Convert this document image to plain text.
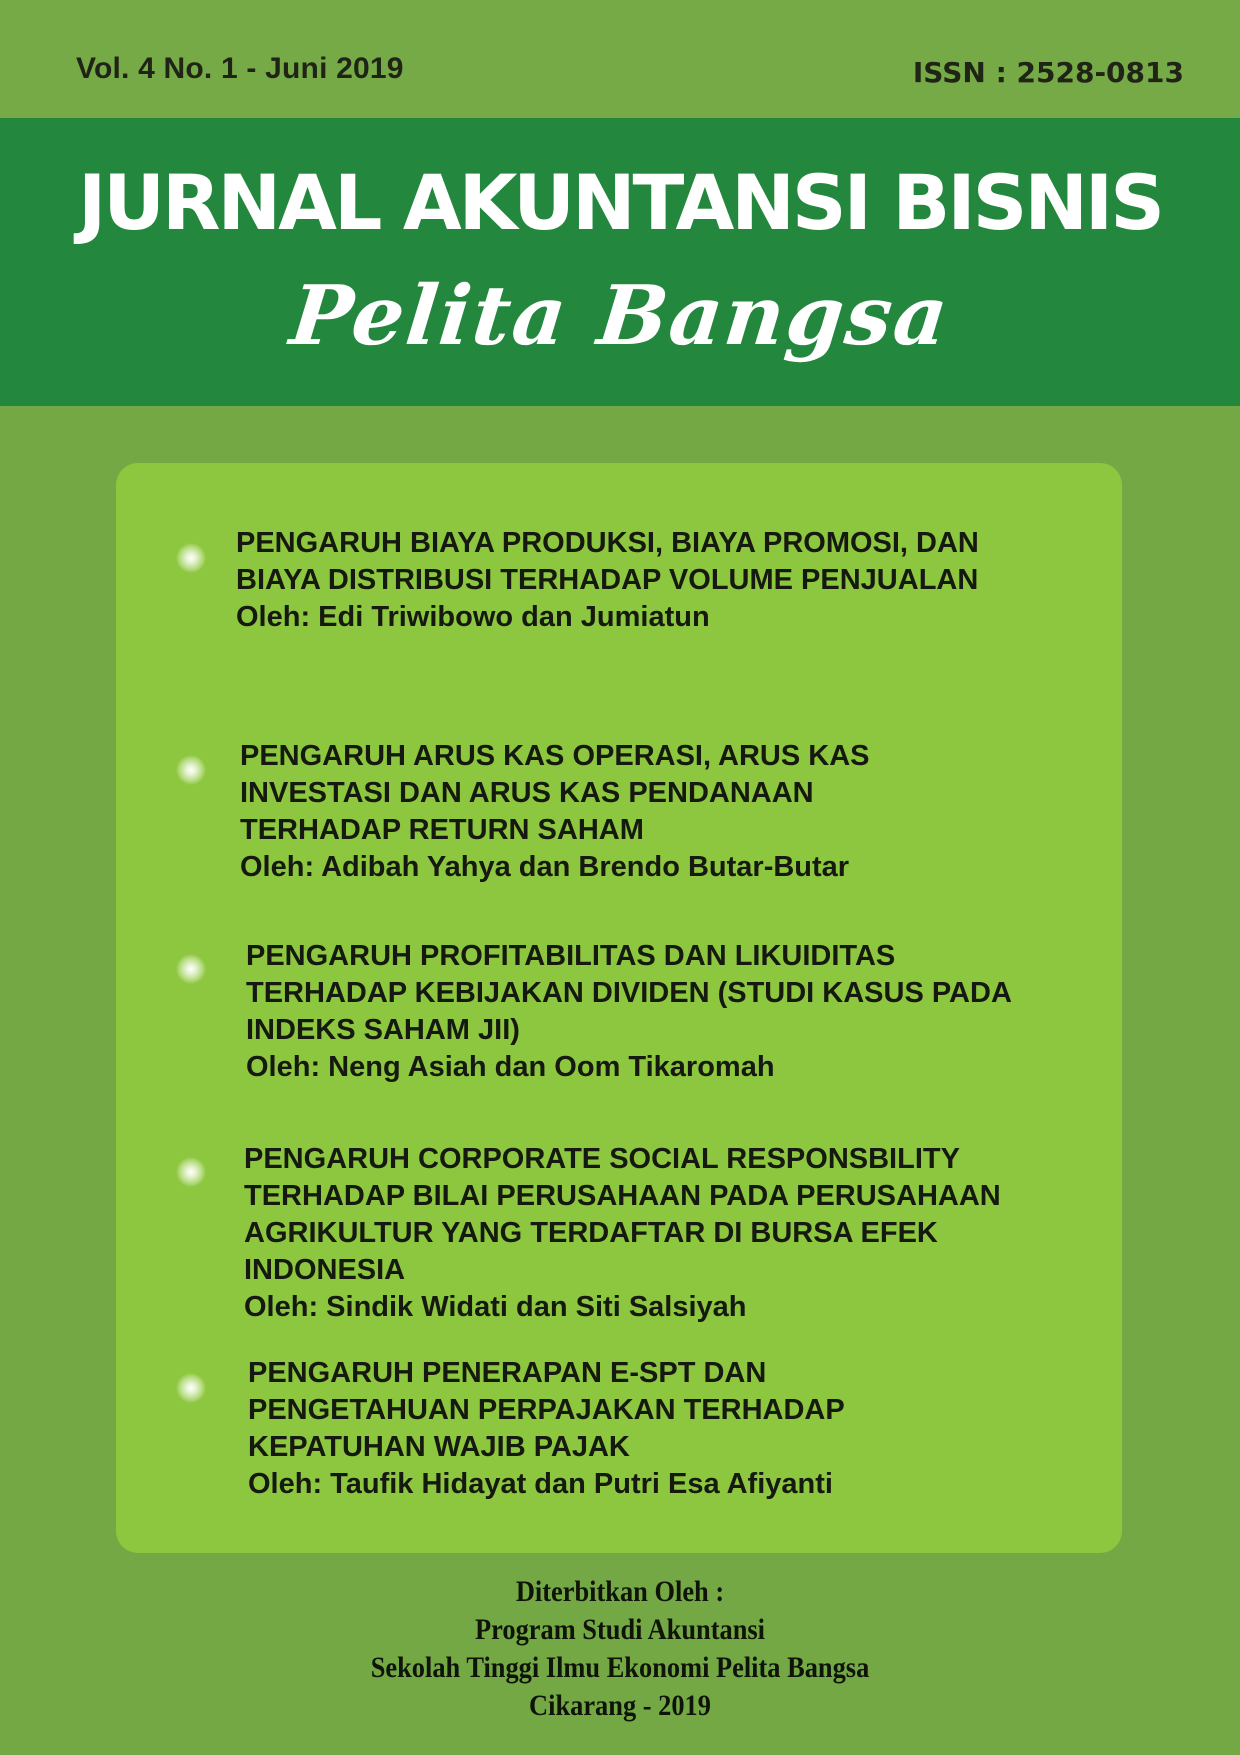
Vol. 4 No. 1 - Juni 2019	ISSN : 2528-0813
JURNAL AKUNTANSI BISNIS
Pelita Bangsa
PENGARUH BIAYA PRODUKSI, BIAYA PROMOSI, DAN BIAYA DISTRIBUSI TERHADAP VOLUME PENJUALAN
Oleh: Edi Triwibowo dan Jumiatun
PENGARUH ARUS KAS OPERASI, ARUS KAS INVESTASI DAN ARUS KAS PENDANAAN TERHADAP RETURN SAHAM
Oleh: Adibah Yahya dan Brendo Butar-Butar
PENGARUH PROFITABILITAS DAN LIKUIDITAS TERHADAP KEBIJAKAN DIVIDEN (STUDI KASUS PADA INDEKS SAHAM JII)
Oleh: Neng Asiah dan Oom Tikaromah
PENGARUH CORPORATE SOCIAL RESPONSBILITY TERHADAP BILAI PERUSAHAAN PADA PERUSAHAAN AGRIKULTUR YANG TERDAFTAR DI BURSA EFEK INDONESIA
Oleh: Sindik Widati dan Siti Salsiyah
PENGARUH PENERAPAN E-SPT DAN PENGETAHUAN PERPAJAKAN TERHADAP KEPATUHAN WAJIB PAJAK
Oleh: Taufik Hidayat dan Putri Esa Afiyanti
Diterbitkan Oleh :
Program Studi Akuntansi
Sekolah Tinggi Ilmu Ekonomi Pelita Bangsa
Cikarang - 2019
